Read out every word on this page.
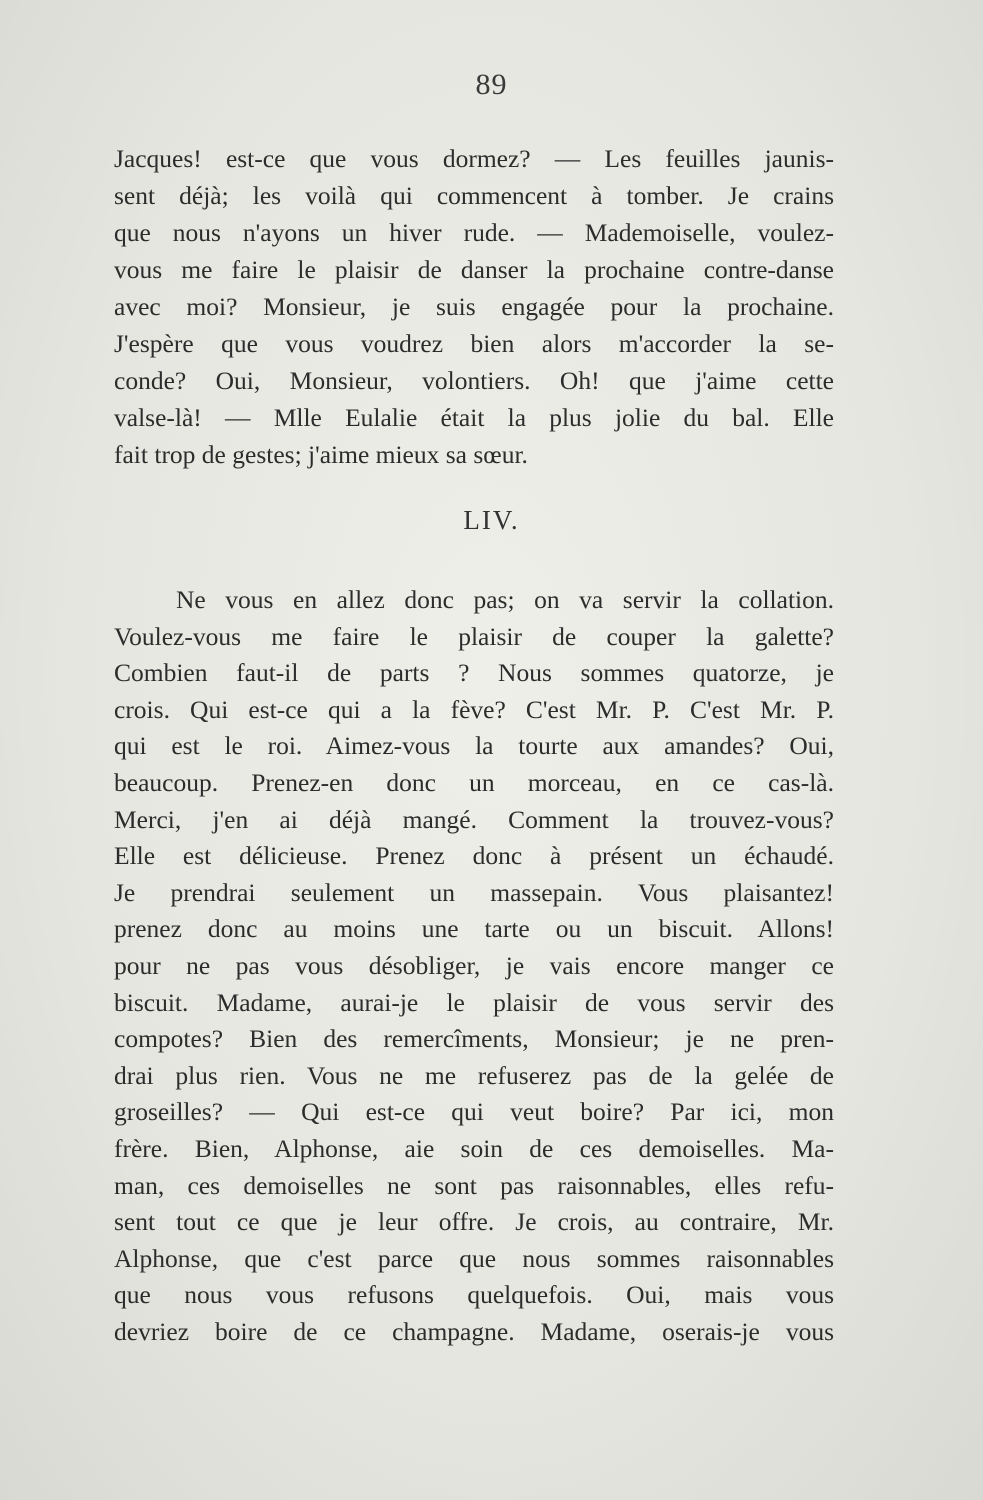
89
Jacques! est-ce que vous dormez? — Les feuilles jaunis-
sent déjà; les voilà qui commencent à tomber. Je crains
que nous n'ayons un hiver rude. — Mademoiselle, voulez-
vous me faire le plaisir de danser la prochaine contre-danse
avec moi? Monsieur, je suis engagée pour la prochaine.
J'espère que vous voudrez bien alors m'accorder la se-
conde? Oui, Monsieur, volontiers. Oh! que j'aime cette
valse-là! — Mlle Eulalie était la plus jolie du bal. Elle
fait trop de gestes; j'aime mieux sa sœur.
LIV.
Ne vous en allez donc pas; on va servir la collation.
Voulez-vous me faire le plaisir de couper la galette?
Combien faut-il de parts ? Nous sommes quatorze, je
crois. Qui est-ce qui a la fève? C'est Mr. P. C'est Mr. P.
qui est le roi. Aimez-vous la tourte aux amandes? Oui,
beaucoup. Prenez-en donc un morceau, en ce cas-là.
Merci, j'en ai déjà mangé. Comment la trouvez-vous?
Elle est délicieuse. Prenez donc à présent un échaudé.
Je prendrai seulement un massepain. Vous plaisantez!
prenez donc au moins une tarte ou un biscuit. Allons!
pour ne pas vous désobliger, je vais encore manger ce
biscuit. Madame, aurai-je le plaisir de vous servir des
compotes? Bien des remercîments, Monsieur; je ne pren-
drai plus rien. Vous ne me refuserez pas de la gelée de
groseilles? — Qui est-ce qui veut boire? Par ici, mon
frère. Bien, Alphonse, aie soin de ces demoiselles. Ma-
man, ces demoiselles ne sont pas raisonnables, elles refu-
sent tout ce que je leur offre. Je crois, au contraire, Mr.
Alphonse, que c'est parce que nous sommes raisonnables
que nous vous refusons quelquefois. Oui, mais vous
devriez boire de ce champagne. Madame, oserais-je vous
